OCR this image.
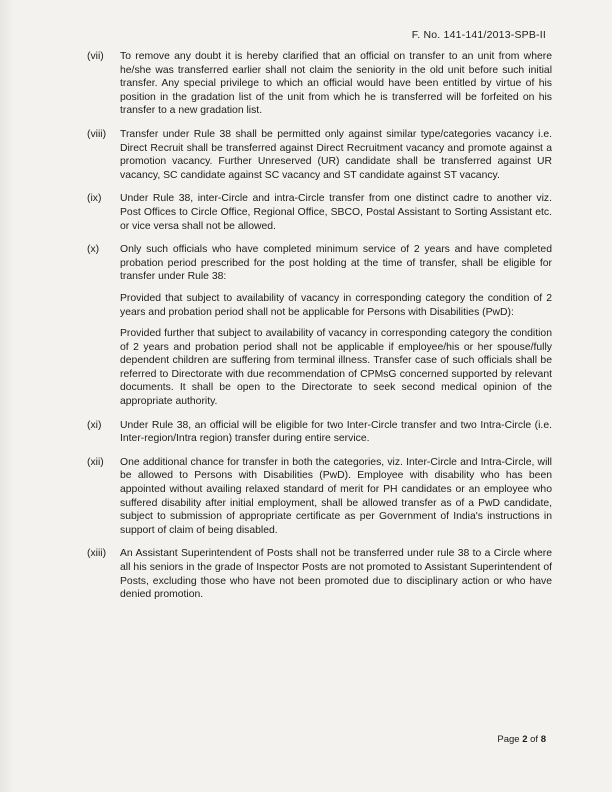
F. No. 141-141/2013-SPB-II
(vii)	To remove any doubt it is hereby clarified that an official on transfer to an unit from where he/she was transferred earlier shall not claim the seniority in the old unit before such initial transfer. Any special privilege to which an official would have been entitled by virtue of his position in the gradation list of the unit from which he is transferred will be forfeited on his transfer to a new gradation list.

(viii)	Transfer under Rule 38 shall be permitted only against similar type/categories vacancy i.e. Direct Recruit shall be transferred against Direct Recruitment vacancy and promote against a promotion vacancy. Further Unreserved (UR) candidate shall be transferred against UR vacancy, SC candidate against SC vacancy and ST candidate against ST vacancy.

(ix)	Under Rule 38, inter-Circle and intra-Circle transfer from one distinct cadre to another viz. Post Offices to Circle Office, Regional Office, SBCO, Postal Assistant to Sorting Assistant etc. or vice versa shall not be allowed.

(x)	Only such officials who have completed minimum service of 2 years and have completed probation period prescribed for the post holding at the time of transfer, shall be eligible for transfer under Rule 38:

Provided that subject to availability of vacancy in corresponding category the condition of 2 years and probation period shall not be applicable for Persons with Disabilities (PwD):

Provided further that subject to availability of vacancy in corresponding category the condition of 2 years and probation period shall not be applicable if employee/his or her spouse/fully dependent children are suffering from terminal illness. Transfer case of such officials shall be referred to Directorate with due recommendation of CPMsG concerned supported by relevant documents. It shall be open to the Directorate to seek second medical opinion of the appropriate authority.

(xi)	Under Rule 38, an official will be eligible for two Inter-Circle transfer and two Intra-Circle (i.e. Inter-region/Intra region) transfer during entire service.

(xii)	One additional chance for transfer in both the categories, viz. Inter-Circle and Intra-Circle, will be allowed to Persons with Disabilities (PwD). Employee with disability who has been appointed without availing relaxed standard of merit for PH candidates or an employee who suffered disability after initial employment, shall be allowed transfer as of a PwD candidate, subject to submission of appropriate certificate as per Government of India's instructions in support of claim of being disabled.

(xiii)	An Assistant Superintendent of Posts shall not be transferred under rule 38 to a Circle where all his seniors in the grade of Inspector Posts are not promoted to Assistant Superintendent of Posts, excluding those who have not been promoted due to disciplinary action or who have denied promotion.

Page 2 of 8
